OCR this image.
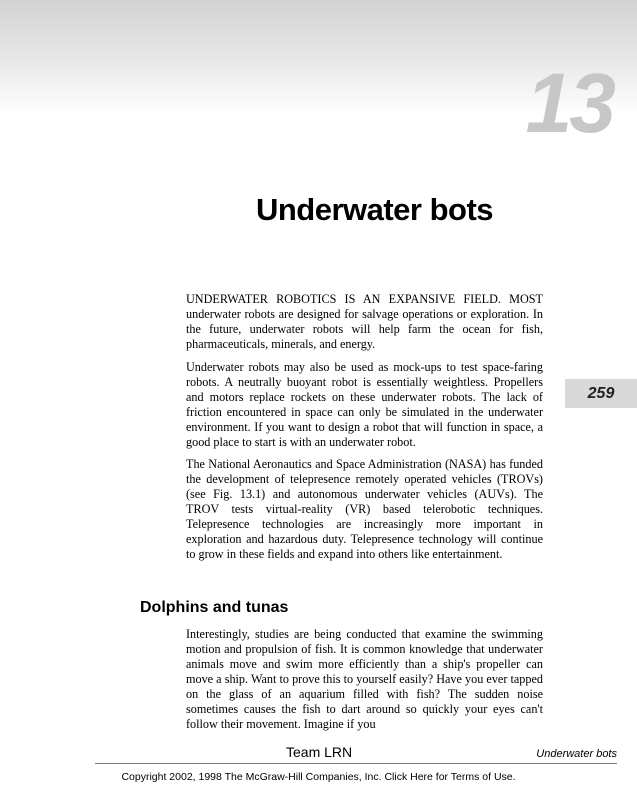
13
Underwater bots
259

UNDERWATER ROBOTICS IS AN EXPANSIVE FIELD. MOST underwater robots are designed for salvage operations or exploration. In the future, underwater robots will help farm the ocean for fish, pharmaceuticals, minerals, and energy.

Underwater robots may also be used as mock-ups to test space-faring robots. A neutrally buoyant robot is essentially weightless. Propellers and motors replace rockets on these underwater robots. The lack of friction encountered in space can only be simulated in the underwater environment. If you want to design a robot that will function in space, a good place to start is with an underwater robot.

The National Aeronautics and Space Administration (NASA) has funded the development of telepresence remotely operated vehicles (TROVs) (see Fig. 13.1) and autonomous underwater vehicles (AUVs). The TROV tests virtual-reality (VR) based telerobotic techniques. Telepresence technologies are increasingly more important in exploration and hazardous duty. Telepresence technology will continue to grow in these fields and expand into others like entertainment.

Dolphins and tunas

Interestingly, studies are being conducted that examine the swimming motion and propulsion of fish. It is common knowledge that underwater animals move and swim more efficiently than a ship's propeller can move a ship. Want to prove this to yourself easily? Have you ever tapped on the glass of an aquarium filled with fish? The sudden noise sometimes causes the fish to dart around so quickly your eyes can't follow their movement. Imagine if you

Team LRN	Underwater bots
Copyright 2002, 1998 The McGraw-Hill Companies, Inc. Click Here for Terms of Use.
